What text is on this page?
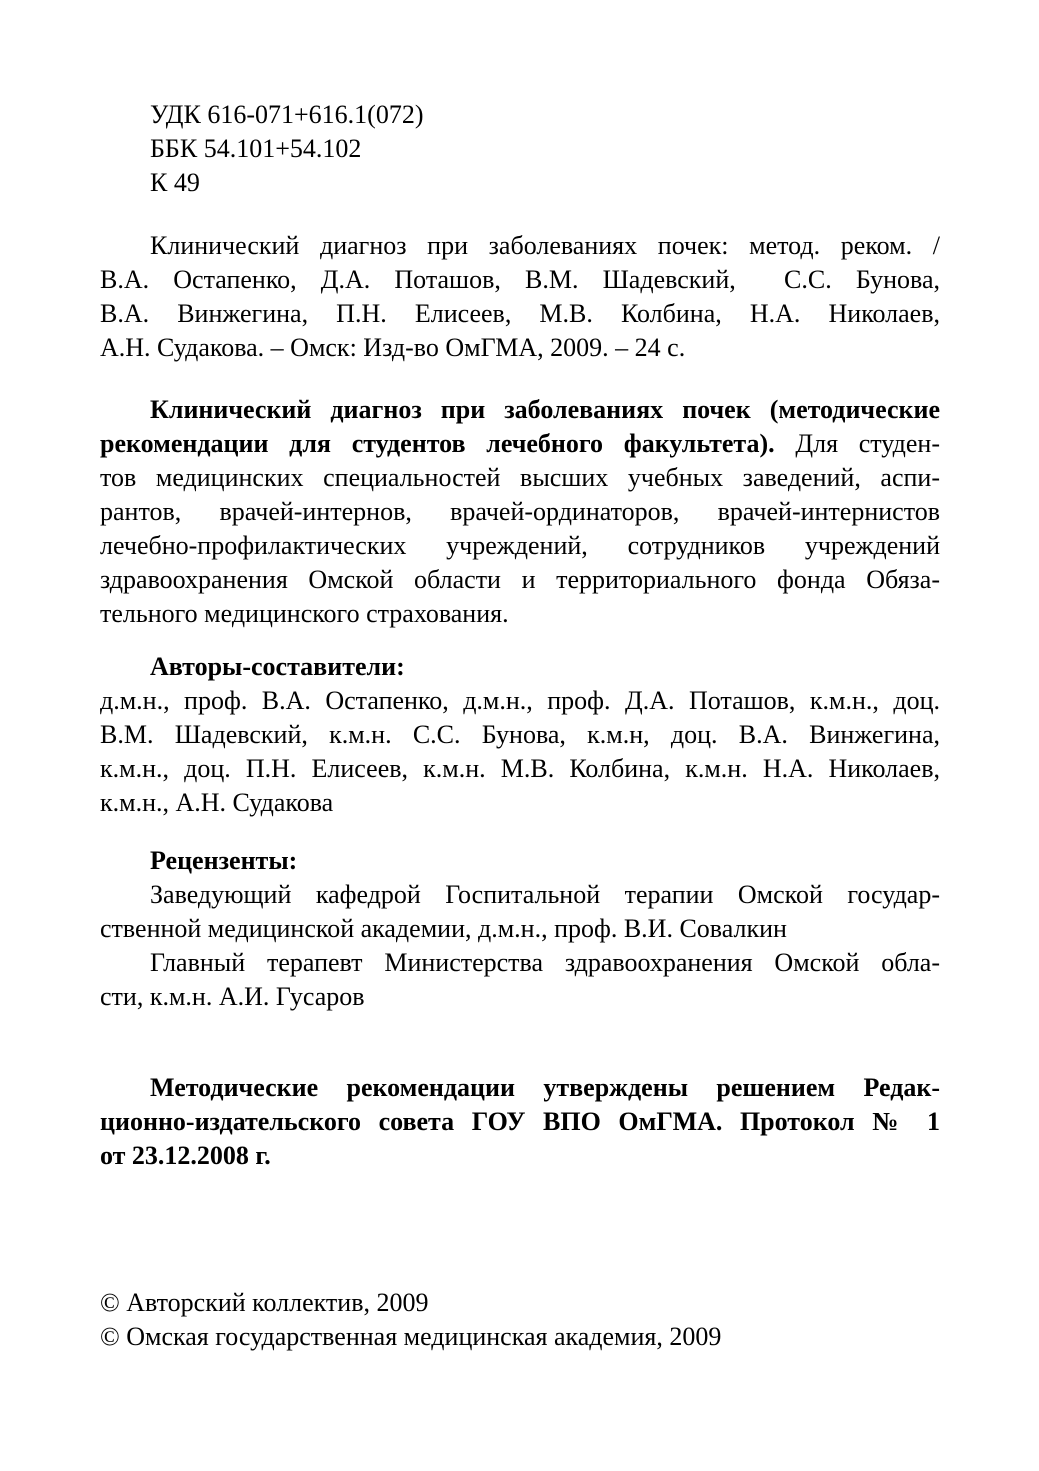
УДК 616-071+616.1(072)
ББК 54.101+54.102
К 49
Клинический диагноз при заболеваниях почек: метод. реком. /
В.А. Остапенко, Д.А. Поташов, В.М. Шадевский,  С.С. Бунова,
В.А. Винжегина, П.Н. Елисеев, М.В. Колбина, Н.А. Николаев,
А.Н. Судакова. – Омск: Изд-во ОмГМА, 2009. – 24 с.
Клинический диагноз при заболеваниях почек (методические
рекомендации для студентов лечебного факультета). Для студен-
тов медицинских специальностей высших учебных заведений, аспи-
рантов, врачей-интернов, врачей-ординаторов, врачей-интернистов
лечебно-профилактических учреждений, сотрудников учреждений
здравоохранения Омской области и территориального фонда Обяза-
тельного медицинского страхования.
Авторы-составители:
д.м.н., проф. В.А. Остапенко, д.м.н., проф. Д.А. Поташов, к.м.н., доц.
В.М. Шадевский, к.м.н. С.С. Бунова, к.м.н, доц. В.А. Винжегина,
к.м.н., доц. П.Н. Елисеев, к.м.н. М.В. Колбина, к.м.н. Н.А. Николаев,
к.м.н., А.Н. Судакова
Рецензенты:
Заведующий кафедрой Госпитальной терапии Омской государ-
ственной медицинской академии, д.м.н., проф. В.И. Совалкин
Главный терапевт Министерства здравоохранения Омской обла-
сти, к.м.н. А.И. Гусаров
Методические рекомендации утверждены решением Редак-
ционно-издательского совета ГОУ ВПО ОмГМА. Протокол № 1
от 23.12.2008 г.
© Авторский коллектив, 2009
© Омская государственная медицинская академия, 2009
